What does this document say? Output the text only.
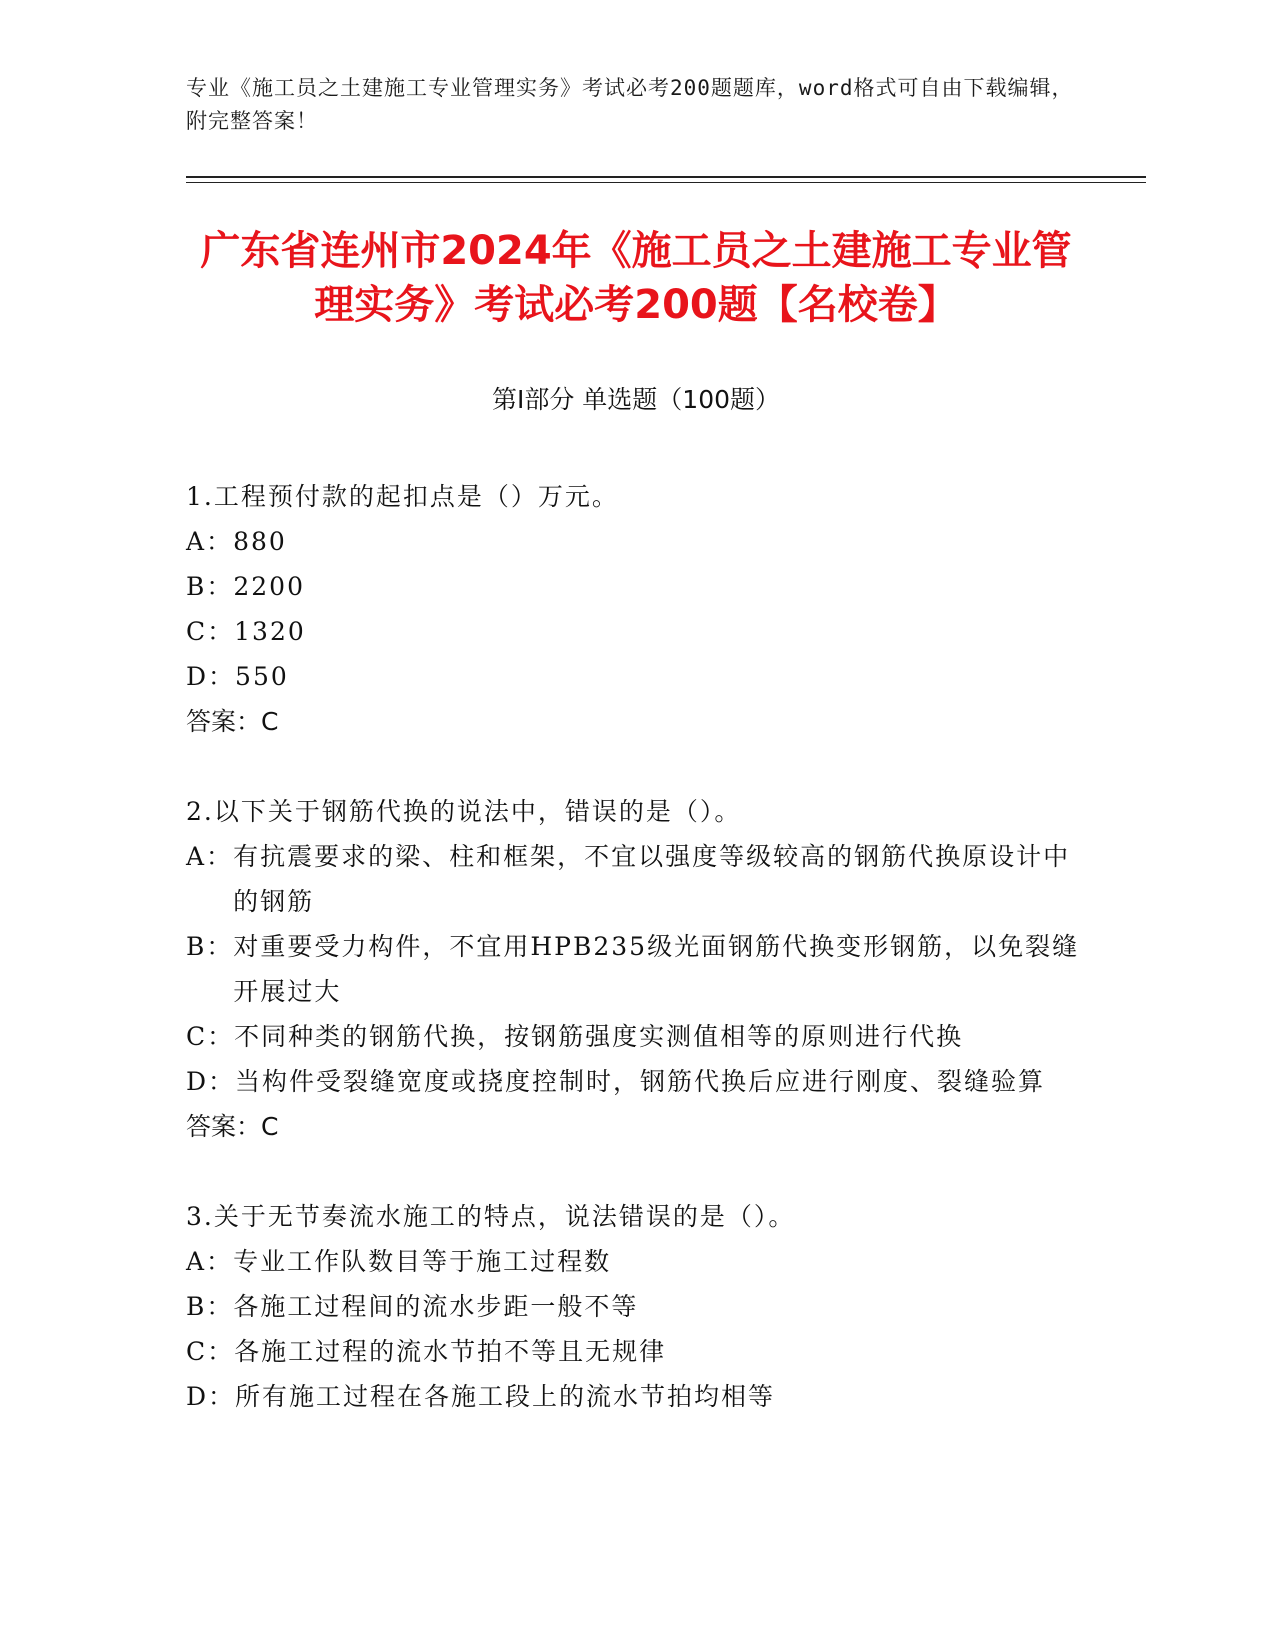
专业《施工员之土建施工专业管理实务》考试必考200题题库，word格式可自由下载编辑，附完整答案！
广东省连州市2024年《施工员之土建施工专业管理实务》考试必考200题【名校卷】
第Ⅰ部分 单选题（100题）
1.工程预付款的起扣点是（）万元。
A： 880
B： 2200
C： 1320
D： 550
答案：C
2.以下关于钢筋代换的说法中，错误的是（）。
A： 有抗震要求的梁、柱和框架，不宜以强度等级较高的钢筋代换原设计中的钢筋
B： 对重要受力构件，不宜用HPB235级光面钢筋代换变形钢筋，以免裂缝开展过大
C： 不同种类的钢筋代换，按钢筋强度实测值相等的原则进行代换
D： 当构件受裂缝宽度或挠度控制时，钢筋代换后应进行刚度、裂缝验算
答案：C
3.关于无节奏流水施工的特点，说法错误的是（）。
A： 专业工作队数目等于施工过程数
B： 各施工过程间的流水步距一般不等
C： 各施工过程的流水节拍不等且无规律
D： 所有施工过程在各施工段上的流水节拍均相等
